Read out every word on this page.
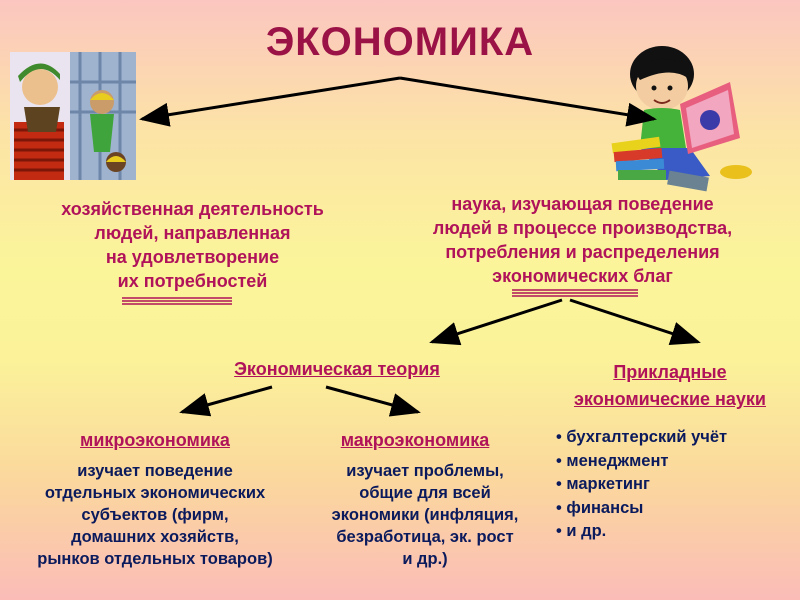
ЭКОНОМИКА
хозяйственная деятельность
людей, направленная
на удовлетворение
их потребностей
наука, изучающая поведение
людей в процессе производства,
потребления и распределения
экономических благ
Экономическая теория	Прикладные
экономические науки
микроэкономика
изучает поведение
отдельных экономических
субъектов (фирм,
домашних хозяйств,
рынков отдельных товаров)
макроэкономика
изучает проблемы,
общие для всей
экономики (инфляция,
безработица, эк. рост
и др.)
• бухгалтерский учёт
• менеджмент
• маркетинг
• финансы
• и др.
